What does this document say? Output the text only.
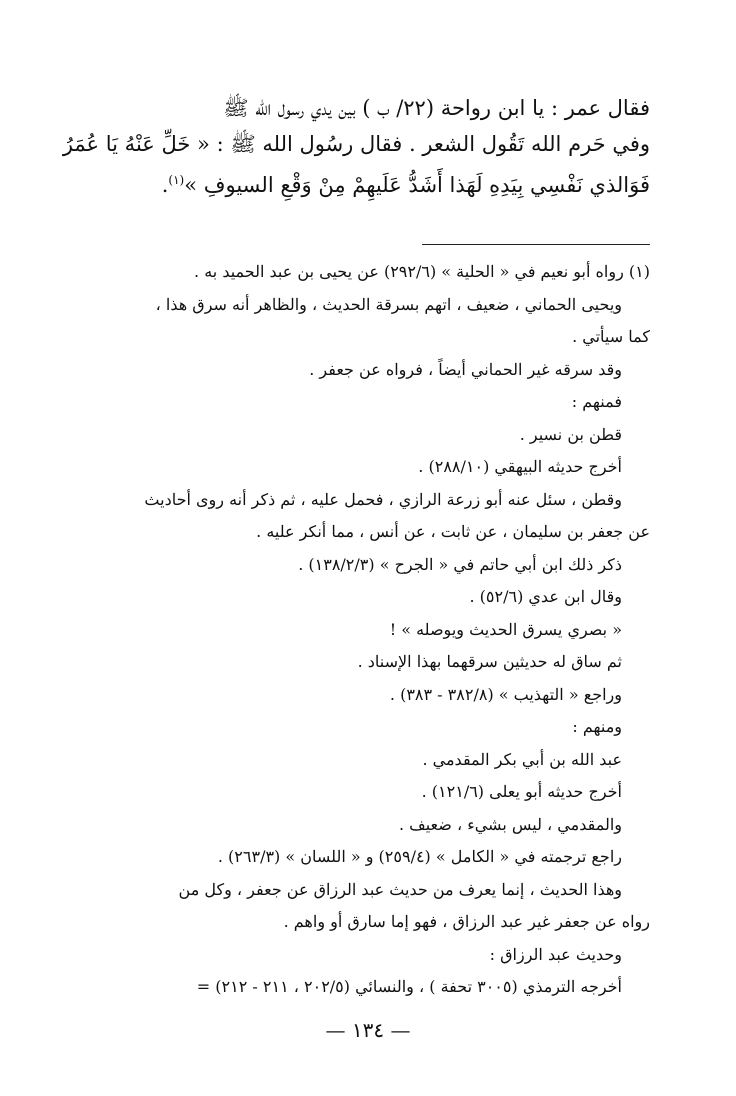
فقال عمر : يا ابن رواحة (٢٢/ ب ) بين يدي رسول الله ﷺ
وفي حَرم الله تَقُول الشعر . فقال رسُول الله ﷺ : « خَلِّ عَنْهُ يَا عُمَرُ
فَوَالذي نَفْسِي بِيَدِهِ لَهَذا أَشَدُّ عَلَيهِمْ مِنْ وَقْعِ السيوفِ »$^{(١)}$.
(١) رواه أبو نعيم في « الحلية » (٢٩٢/٦) عن يحيى بن عبد الحميد به .
ويحيى الحماني ، ضعيف ، اتهم بسرقة الحديث ، والظاهر أنه سرق هذا ،
كما سيأتي .
وقد سرقه غير الحماني أيضاً ، فرواه عن جعفر .
فمنهم :
قطن بن نسير .
أخرج حديثه البيهقي (٢٨٨/١٠) .
وقطن ، سئل عنه أبو زرعة الرازي ، فحمل عليه ، ثم ذكر أنه روى أحاديث
عن جعفر بن سليمان ، عن ثابت ، عن أنس ، مما أنكر عليه .
ذكر ذلك ابن أبي حاتم في « الجرح » (١٣٨/٢/٣) .
وقال ابن عدي (٥٢/٦) .
« بصري يسرق الحديث ويوصله » !
ثم ساق له حديثين سرقهما بهذا الإسناد .
وراجع « التهذيب » (٣٨٢/٨ - ٣٨٣) .
ومنهم :
عبد الله بن أبي بكر المقدمي .
أخرج حديثه أبو يعلى (١٢١/٦) .
والمقدمي ، ليس بشيء ، ضعيف .
راجع ترجمته في « الكامل » (٢٥٩/٤) و « اللسان » (٢٦٣/٣) .
وهذا الحديث ، إنما يعرف من حديث عبد الرزاق عن جعفر ، وكل من
رواه عن جعفر غير عبد الرزاق ، فهو إما سارق أو واهم .
وحديث عبد الرزاق :
أخرجه الترمذي (٣٠٠٥ تحفة ) ، والنسائي (٢٠٢/٥ ، ٢١١ - ٢١٢) =
— ١٣٤ —
